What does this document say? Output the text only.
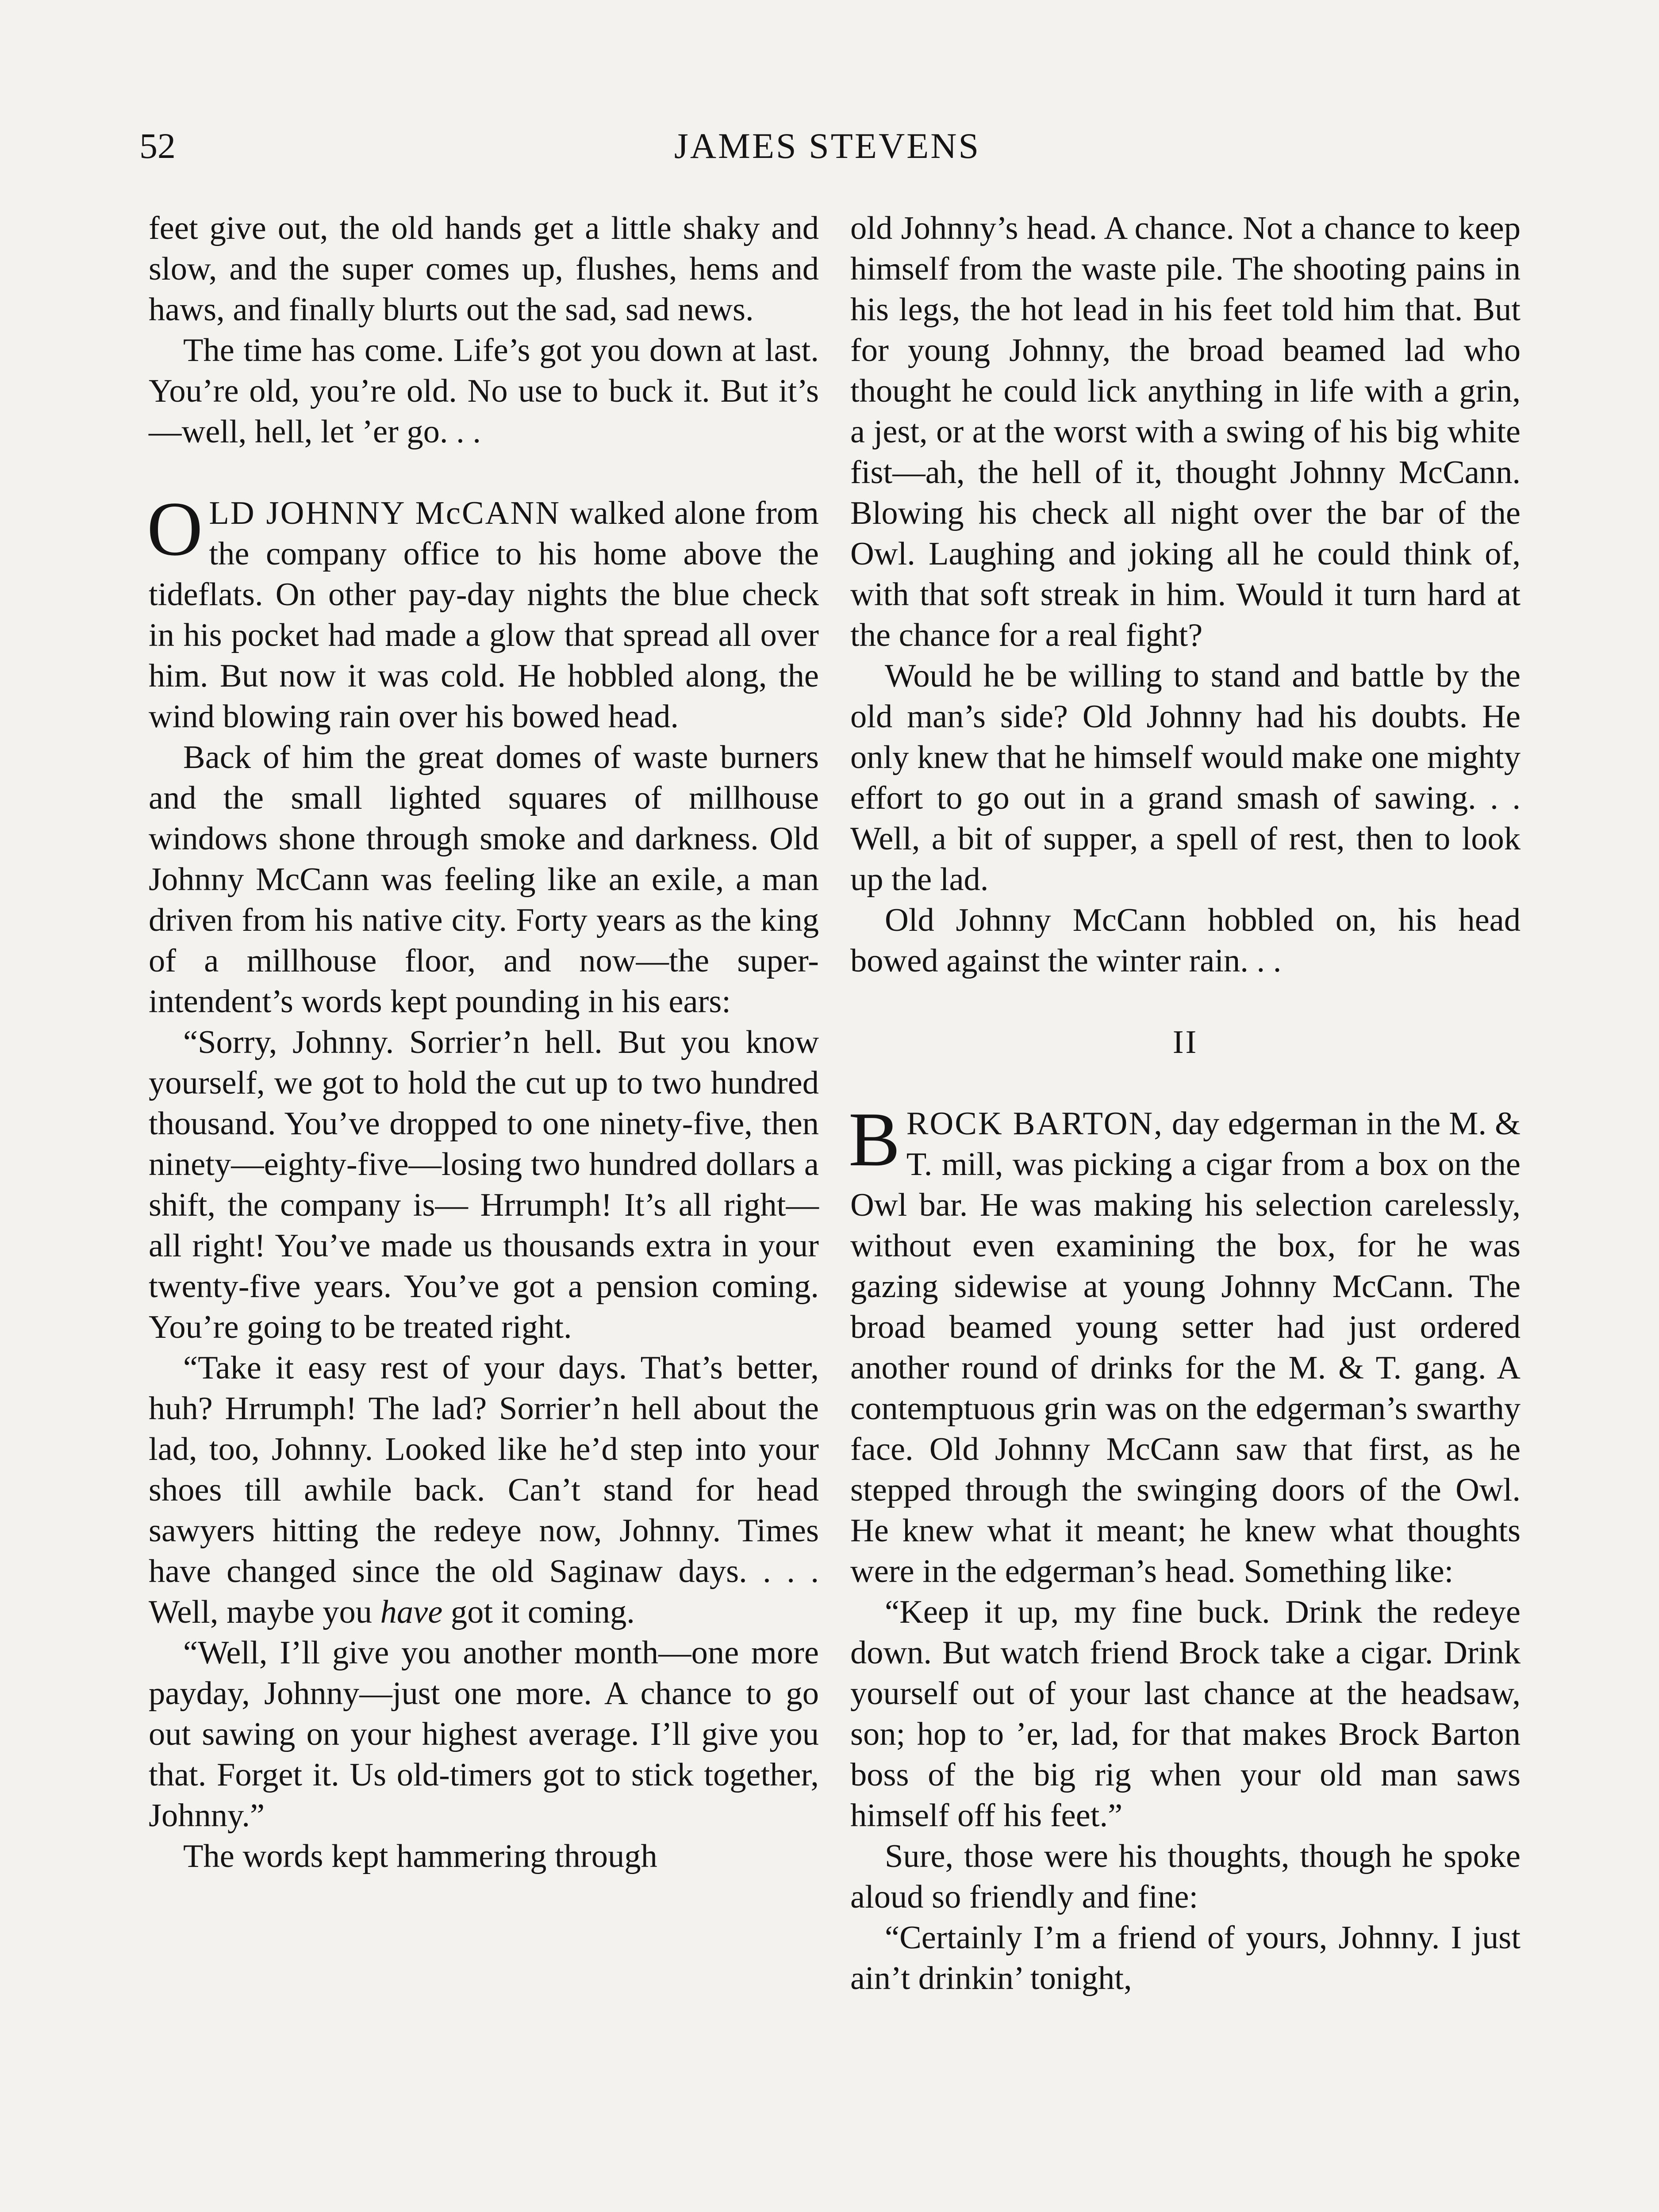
52	JAMES STEVENS

feet give out, the old hands get a little shaky and slow, and the super comes up, flushes, hems and haws, and finally blurts out the sad, sad news.

The time has come. Life’s got you down at last. You’re old, you’re old. No use to buck it. But it’s—well, hell, let ’er go. . .

OLD JOHNNY McCANN walked alone from the company office to his home above the tideflats. On other pay-day nights the blue check in his pocket had made a glow that spread all over him. But now it was cold. He hobbled along, the wind blowing rain over his bowed head.

Back of him the great domes of waste burners and the small lighted squares of millhouse windows shone through smoke and darkness. Old Johnny McCann was feeling like an exile, a man driven from his native city. Forty years as the king of a millhouse floor, and now—the super-intendent’s words kept pounding in his ears:

“Sorry, Johnny. Sorrier’n hell. But you know yourself, we got to hold the cut up to two hundred thousand. You’ve dropped to one ninety-five, then ninety—eighty-five—losing two hundred dollars a shift, the company is— Hrrumph! It’s all right—all right! You’ve made us thousands extra in your twenty-five years. You’ve got a pension coming. You’re going to be treated right.

“Take it easy rest of your days. That’s better, huh? Hrrumph! The lad? Sorrier’n hell about the lad, too, Johnny. Looked like he’d step into your shoes till awhile back. Can’t stand for head sawyers hitting the redeye now, Johnny. Times have changed since the old Saginaw days. . . . Well, maybe you have got it coming.

“Well, I’ll give you another month—one more payday, Johnny—just one more. A chance to go out sawing on your highest average. I’ll give you that. Forget it. Us old-timers got to stick together, Johnny.”

The words kept hammering through

old Johnny’s head. A chance. Not a chance to keep himself from the waste pile. The shooting pains in his legs, the hot lead in his feet told him that. But for young Johnny, the broad beamed lad who thought he could lick anything in life with a grin, a jest, or at the worst with a swing of his big white fist—ah, the hell of it, thought Johnny McCann. Blowing his check all night over the bar of the Owl. Laughing and joking all he could think of, with that soft streak in him. Would it turn hard at the chance for a real fight?

Would he be willing to stand and battle by the old man’s side? Old Johnny had his doubts. He only knew that he himself would make one mighty effort to go out in a grand smash of sawing. . . Well, a bit of supper, a spell of rest, then to look up the lad.

Old Johnny McCann hobbled on, his head bowed against the winter rain. . .

II

BROCK BARTON, day edgerman in the M. & T. mill, was picking a cigar from a box on the Owl bar. He was making his selection carelessly, without even examining the box, for he was gazing sidewise at young Johnny McCann. The broad beamed young setter had just ordered another round of drinks for the M. & T. gang. A contemptuous grin was on the edgerman’s swarthy face. Old Johnny McCann saw that first, as he stepped through the swinging doors of the Owl. He knew what it meant; he knew what thoughts were in the edgerman’s head. Something like:

“Keep it up, my fine buck. Drink the redeye down. But watch friend Brock take a cigar. Drink yourself out of your last chance at the headsaw, son; hop to ’er, lad, for that makes Brock Barton boss of the big rig when your old man saws himself off his feet.”

Sure, those were his thoughts, though he spoke aloud so friendly and fine:

“Certainly I’m a friend of yours, Johnny. I just ain’t drinkin’ tonight,
